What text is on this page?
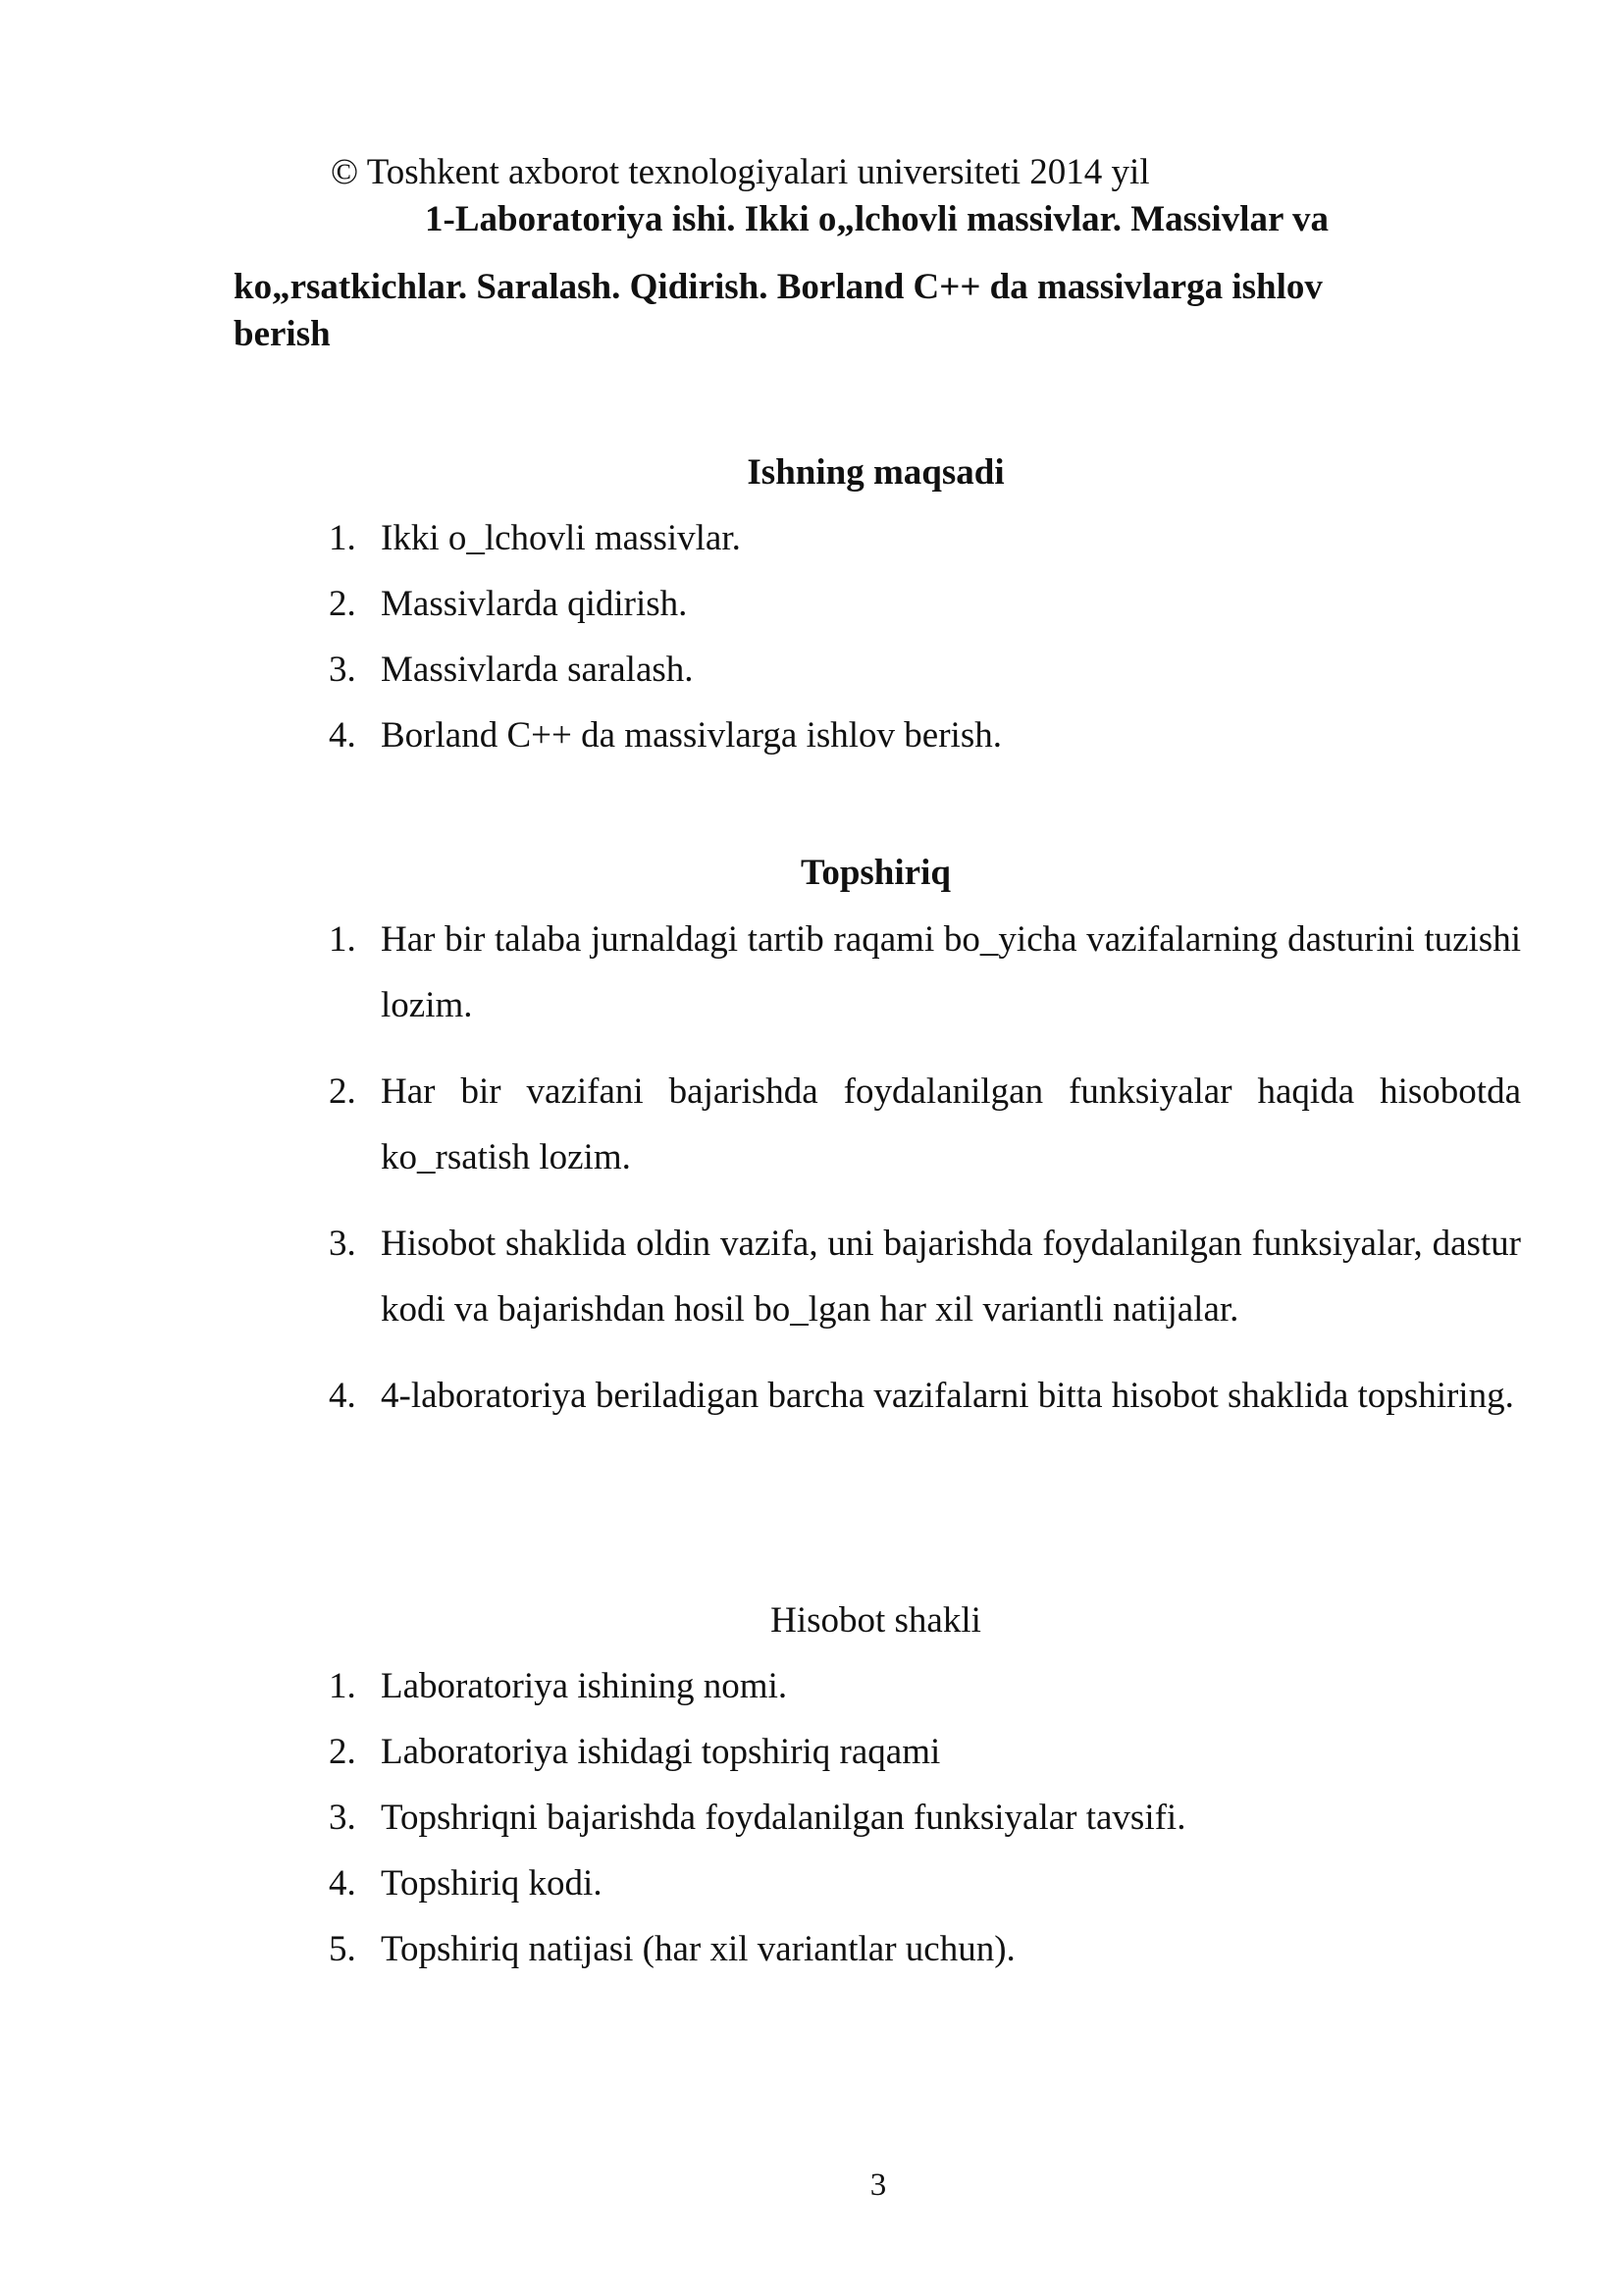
© Toshkent axborot texnologiyalari universiteti 2014 yil
1-Laboratoriya ishi. Ikki o„lchovli massivlar. Massivlar va
ko„rsatkichlar. Saralash. Qidirish. Borland C++ da massivlarga ishlov
berish
Ishning maqsadi
1. Ikki o_lchovli massivlar.
2. Massivlarda qidirish.
3. Massivlarda saralash.
4. Borland C++ da massivlarga ishlov berish.
Topshiriq
1. Har bir talaba jurnaldagi tartib raqami bo_yicha vazifalarning dasturini tuzishi lozim.
2. Har bir vazifani bajarishda foydalanilgan funksiyalar haqida hisobotda ko_rsatish lozim.
3. Hisobot shaklida oldin vazifa, uni bajarishda foydalanilgan funksiyalar, dastur kodi va bajarishdan hosil bo_lgan har xil variantli natijalar.
4. 4-laboratoriya beriladigan barcha vazifalarni bitta hisobot shaklida topshiring.
Hisobot shakli
1. Laboratoriya ishining nomi.
2. Laboratoriya ishidagi topshiriq raqami
3. Topshriqni bajarishda foydalanilgan funksiyalar tavsifi.
4. Topshiriq kodi.
5. Topshiriq natijasi (har xil variantlar uchun).
3
